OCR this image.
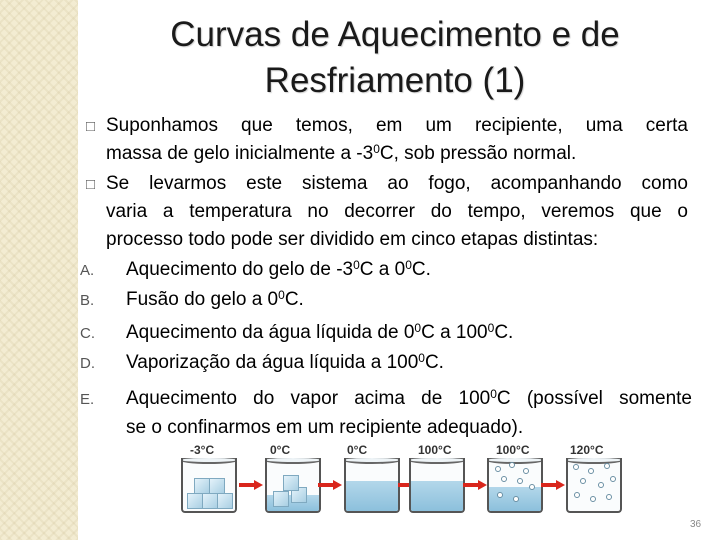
Curvas de Aquecimento e de
Resfriamento (1)
□ Suponhamos que temos, em um recipiente, uma certa
massa de gelo inicialmente a $-3^0C$, sob pressão normal.
□ Se levarmos este sistema ao fogo, acompanhando como
varia a temperatura no decorrer do tempo, veremos que o
processo todo pode ser dividido em cinco etapas distintas:
A. Aquecimento do gelo de $-3^0C$ a $0^0C$.
B. Fusão do gelo a $0^0C$.
C. Aquecimento da água líquida de $0^0C$ a $100^0C$.
D. Vaporização da água líquida a $100^0C$.
E. Aquecimento do vapor acima de $100^0C$ (possível somente
se o confinarmos em um recipiente adequado).
-3°C	0°C	0°C	100°C	100°C	120°C
36
